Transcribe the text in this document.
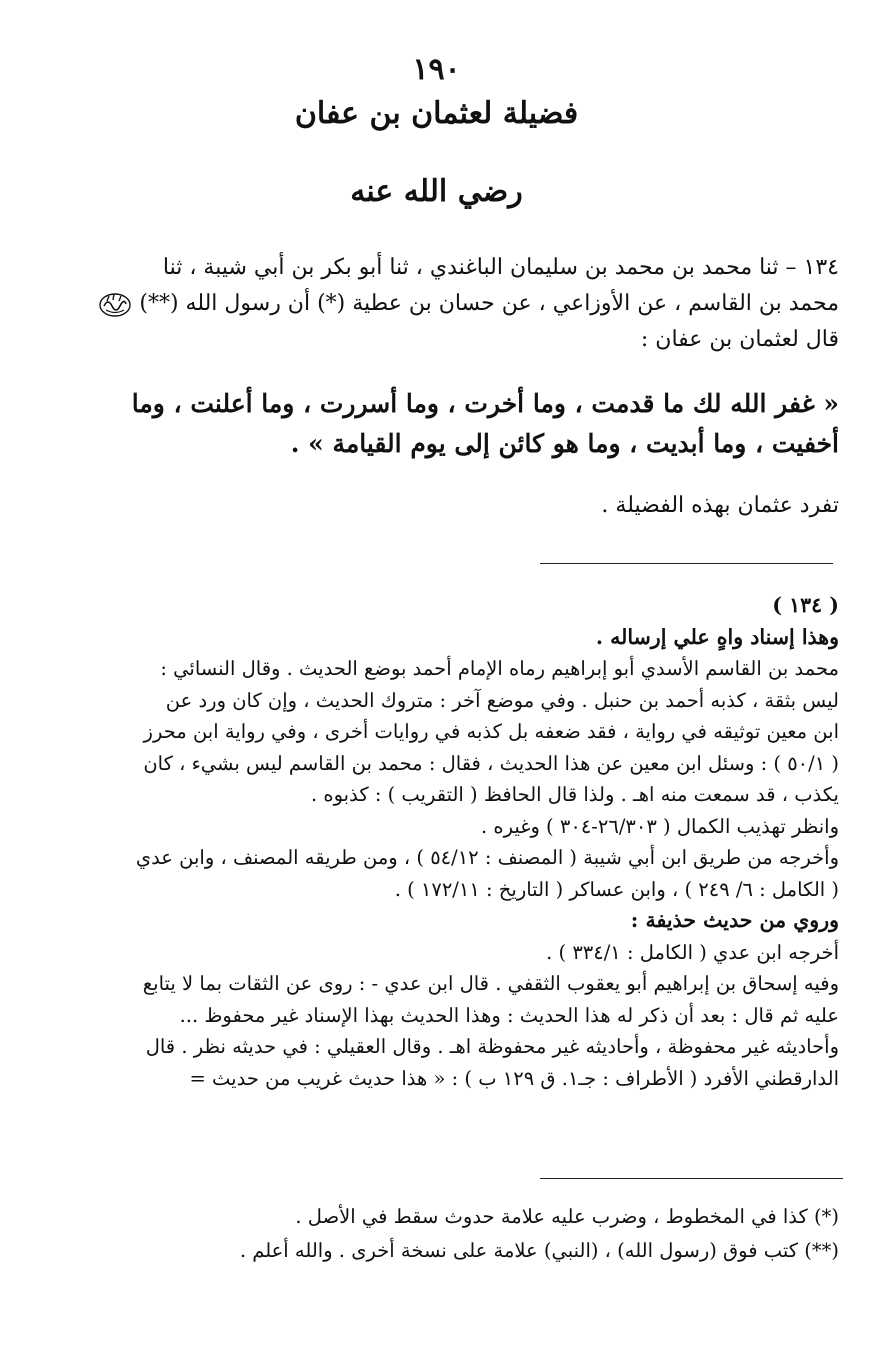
١٩٠
فضيلة لعثمان بن عفان
رضي الله عنه
١٣٤ – ثنا محمد بن محمد بن سليمان الباغندي ، ثنا أبو بكر بن أبي شيبة ، ثنا
محمد بن القاسم ، عن الأوزاعي ، عن حسان بن عطية (*) أن رسول الله (**)
قال لعثمان بن عفان :
« غفر الله لك ما قدمت ، وما أخرت ، وما أسررت ، وما أعلنت ، وما
أخفيت ، وما أبديت ، وما هو كائن إلى يوم القيامة » .
تفرد عثمان بهذه الفضيلة .
( ١٣٤ )
وهذا إسناد واهٍ علي إرساله .
محمد بن القاسم الأسدي أبو إبراهيم رماه الإمام أحمد بوضع الحديث . وقال النسائي :
ليس بثقة ، كذبه أحمد بن حنبل . وفي موضع آخر : متروك الحديث ، وإن كان ورد عن
ابن معين توثيقه في رواية ، فقد ضعفه بل كذبه في روايات أخرى ، وفي رواية ابن محرز
( ٥٠/١ ) : وسئل ابن معين عن هذا الحديث ، فقال : محمد بن القاسم ليس بشيء ، كان
يكذب ، قد سمعت منه اهـ . ولذا قال الحافظ ( التقريب ) : كذبوه .
وانظر تهذيب الكمال ( ٢٦/٣٠٣-٣٠٤ ) وغيره .
وأخرجه من طريق ابن أبي شيبة ( المصنف : ٥٤/١٢ ) ، ومن طريقه المصنف ، وابن عدي
( الكامل : ٦/ ٢٤٩ ) ، وابن عساكر ( التاريخ : ١٧٢/١١ ) .
وروي من حديث حذيفة :
أخرجه ابن عدي ( الكامل : ٣٣٤/١ ) .
وفيه إسحاق بن إبراهيم أبو يعقوب الثقفي . قال ابن عدي - : روى عن الثقات بما لا يتابع
عليه ثم قال : بعد أن ذكر له هذا الحديث : وهذا الحديث بهذا الإسناد غير محفوظ ...
وأحاديثه غير محفوظة ، وأحاديثه غير محفوظة اهـ . وقال العقيلي : في حديثه نظر . قال
الدارقطني الأفرد ( الأطراف : جـ١. ق ١٢٩ ب ) : « هذا حديث غريب من حديث =
(*) كذا في المخطوط ، وضرب عليه علامة حدوث سقط في الأصل .
(**) كتب فوق (رسول الله) ، (النبي) علامة على نسخة أخرى . والله أعلم .
